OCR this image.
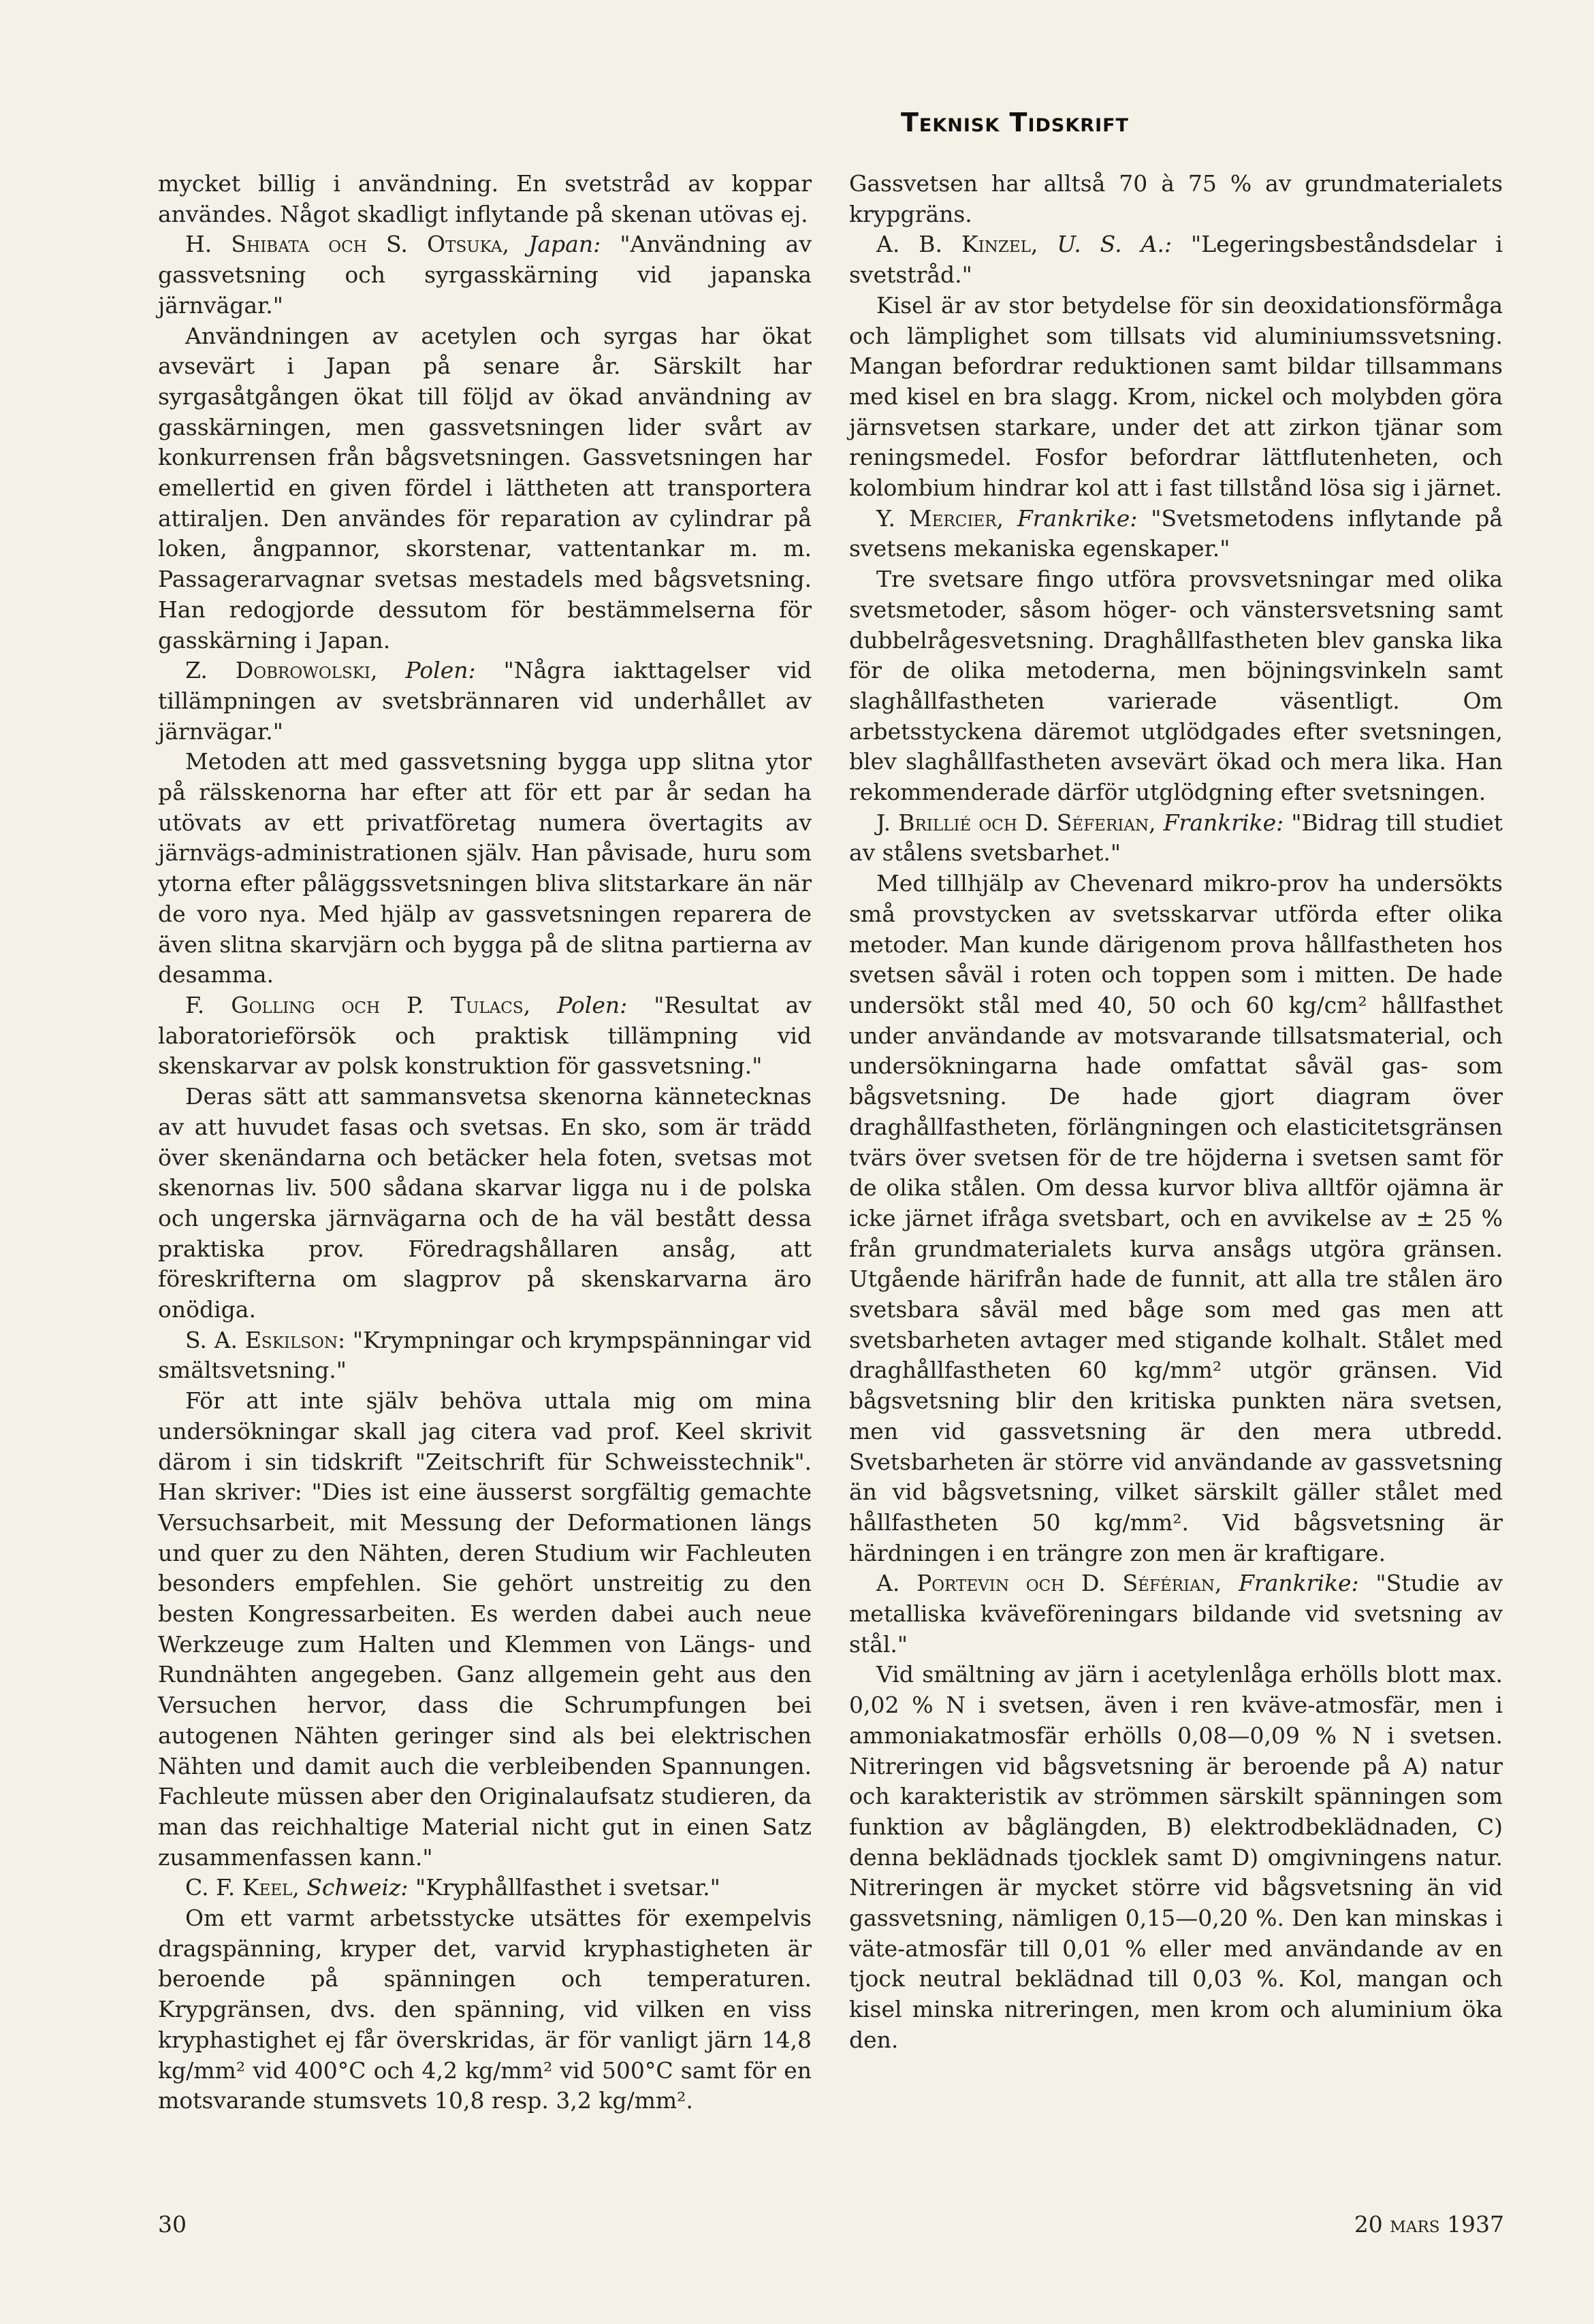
Teknisk Tidskrift

mycket billig i användning. En svetstråd av koppar användes. Något skadligt inflytande på skenan utövas ej.

H. Shibata och S. Otsuka, Japan: "Användning av gassvetsning och syrgasskärning vid japanska järnvägar."

Användningen av acetylen och syrgas har ökat avsevärt i Japan på senare år. Särskilt har syrgasåtgången ökat till följd av ökad användning av gasskärningen, men gassvetsningen lider svårt av konkurrensen från bågsvetsningen. Gassvetsningen har emellertid en given fördel i lättheten att transportera attiraljen. Den användes för reparation av cylindrar på loken, ångpannor, skorstenar, vattentankar m. m. Passagerarvagnar svetsas mestadels med bågsvetsning. Han redogjorde dessutom för bestämmelserna för gasskärning i Japan.

Z. Dobrowolski, Polen: "Några iakttagelser vid tillämpningen av svetsbrännaren vid underhållet av järnvägar."

Metoden att med gassvetsning bygga upp slitna ytor på rälsskenorna har efter att för ett par år sedan ha utövats av ett privatföretag numera övertagits av järnvägs-administrationen själv. Han påvisade, huru som ytorna efter påläggssvetsningen bliva slitstarkare än när de voro nya. Med hjälp av gassvetsningen reparera de även slitna skarvjärn och bygga på de slitna partierna av desamma.

F. Golling och P. Tulacs, Polen: "Resultat av laboratorieförsök och praktisk tillämpning vid skenskarvar av polsk konstruktion för gassvetsning."

Deras sätt att sammansvetsa skenorna kännetecknas av att huvudet fasas och svetsas. En sko, som är trädd över skenändarna och betäcker hela foten, svetsas mot skenornas liv. 500 sådana skarvar ligga nu i de polska och ungerska järnvägarna och de ha väl bestått dessa praktiska prov. Föredragshållaren ansåg, att föreskrifterna om slagprov på skenskarvarna äro onödiga.

S. A. Eskilson: "Krympningar och krympspänningar vid smältsvetsning."

För att inte själv behöva uttala mig om mina undersökningar skall jag citera vad prof. Keel skrivit därom i sin tidskrift "Zeitschrift für Schweisstechnik". Han skriver: "Dies ist eine äusserst sorgfältig gemachte Versuchsarbeit, mit Messung der Deformationen längs und quer zu den Nähten, deren Studium wir Fachleuten besonders empfehlen. Sie gehört unstreitig zu den besten Kongressarbeiten. Es werden dabei auch neue Werkzeuge zum Halten und Klemmen von Längs- und Rundnähten angegeben. Ganz allgemein geht aus den Versuchen hervor, dass die Schrumpfungen bei autogenen Nähten geringer sind als bei elektrischen Nähten und damit auch die verbleibenden Spannungen. Fachleute müssen aber den Originalaufsatz studieren, da man das reichhaltige Material nicht gut in einen Satz zusammenfassen kann."

C. F. Keel, Schweiz: "Kryphållfasthet i svetsar."

Om ett varmt arbetsstycke utsättes för exempelvis dragspänning, kryper det, varvid kryphastigheten är beroende på spänningen och temperaturen. Krypgränsen, dvs. den spänning, vid vilken en viss kryphastighet ej får överskridas, är för vanligt järn 14,8 kg/mm² vid 400°C och 4,2 kg/mm² vid 500°C samt för en motsvarande stumsvets 10,8 resp. 3,2 kg/mm².

Gassvetsen har alltså 70 à 75 % av grundmaterialets krypgräns.

A. B. Kinzel, U. S. A.: "Legeringsbeståndsdelar i svetstråd."

Kisel är av stor betydelse för sin deoxidationsförmåga och lämplighet som tillsats vid aluminiumssvetsning. Mangan befordrar reduktionen samt bildar tillsammans med kisel en bra slagg. Krom, nickel och molybden göra järnsvetsen starkare, under det att zirkon tjänar som reningsmedel. Fosfor befordrar lättflutenheten, och kolombium hindrar kol att i fast tillstånd lösa sig i järnet.

Y. Mercier, Frankrike: "Svetsmetodens inflytande på svetsens mekaniska egenskaper."

Tre svetsare fingo utföra provsvetsningar med olika svetsmetoder, såsom höger- och vänstersvetsning samt dubbelrågesvetsning. Draghållfastheten blev ganska lika för de olika metoderna, men böjningsvinkeln samt slaghållfastheten varierade väsentligt. Om arbetsstyckena däremot utglödgades efter svetsningen, blev slaghållfastheten avsevärt ökad och mera lika. Han rekommenderade därför utglödgning efter svetsningen.

J. Brillié och D. Séferian, Frankrike: "Bidrag till studiet av stålens svetsbarhet."

Med tillhjälp av Chevenard mikro-prov ha undersökts små provstycken av svetsskarvar utförda efter olika metoder. Man kunde därigenom prova hållfastheten hos svetsen såväl i roten och toppen som i mitten. De hade undersökt stål med 40, 50 och 60 kg/cm² hållfasthet under användande av motsvarande tillsatsmaterial, och undersökningarna hade omfattat såväl gas- som bågsvetsning. De hade gjort diagram över draghållfastheten, förlängningen och elasticitetsgränsen tvärs över svetsen för de tre höjderna i svetsen samt för de olika stålen. Om dessa kurvor bliva alltför ojämna är icke järnet ifråga svetsbart, och en avvikelse av ± 25 % från grundmaterialets kurva ansågs utgöra gränsen. Utgående härifrån hade de funnit, att alla tre stålen äro svetsbara såväl med båge som med gas men att svetsbarheten avtager med stigande kolhalt. Stålet med draghållfastheten 60 kg/mm² utgör gränsen. Vid bågsvetsning blir den kritiska punkten nära svetsen, men vid gassvetsning är den mera utbredd. Svetsbarheten är större vid användande av gassvetsning än vid bågsvetsning, vilket särskilt gäller stålet med hållfastheten 50 kg/mm². Vid bågsvetsning är härdningen i en trängre zon men är kraftigare.

A. Portevin och D. Séférian, Frankrike: "Studie av metalliska kväveföreningars bildande vid svetsning av stål."

Vid smältning av järn i acetylenlåga erhölls blott max. 0,02 % N i svetsen, även i ren kväve-atmosfär, men i ammoniakatmosfär erhölls 0,08—0,09 % N i svetsen. Nitreringen vid bågsvetsning är beroende på A) natur och karakteristik av strömmen särskilt spänningen som funktion av båglängden, B) elektrodbeklädnaden, C) denna beklädnads tjocklek samt D) omgivningens natur. Nitreringen är mycket större vid bågsvetsning än vid gassvetsning, nämligen 0,15—0,20 %. Den kan minskas i väte-atmosfär till 0,01 % eller med användande av en tjock neutral beklädnad till 0,03 %. Kol, mangan och kisel minska nitreringen, men krom och aluminium öka den.

30	20 mars 1937
